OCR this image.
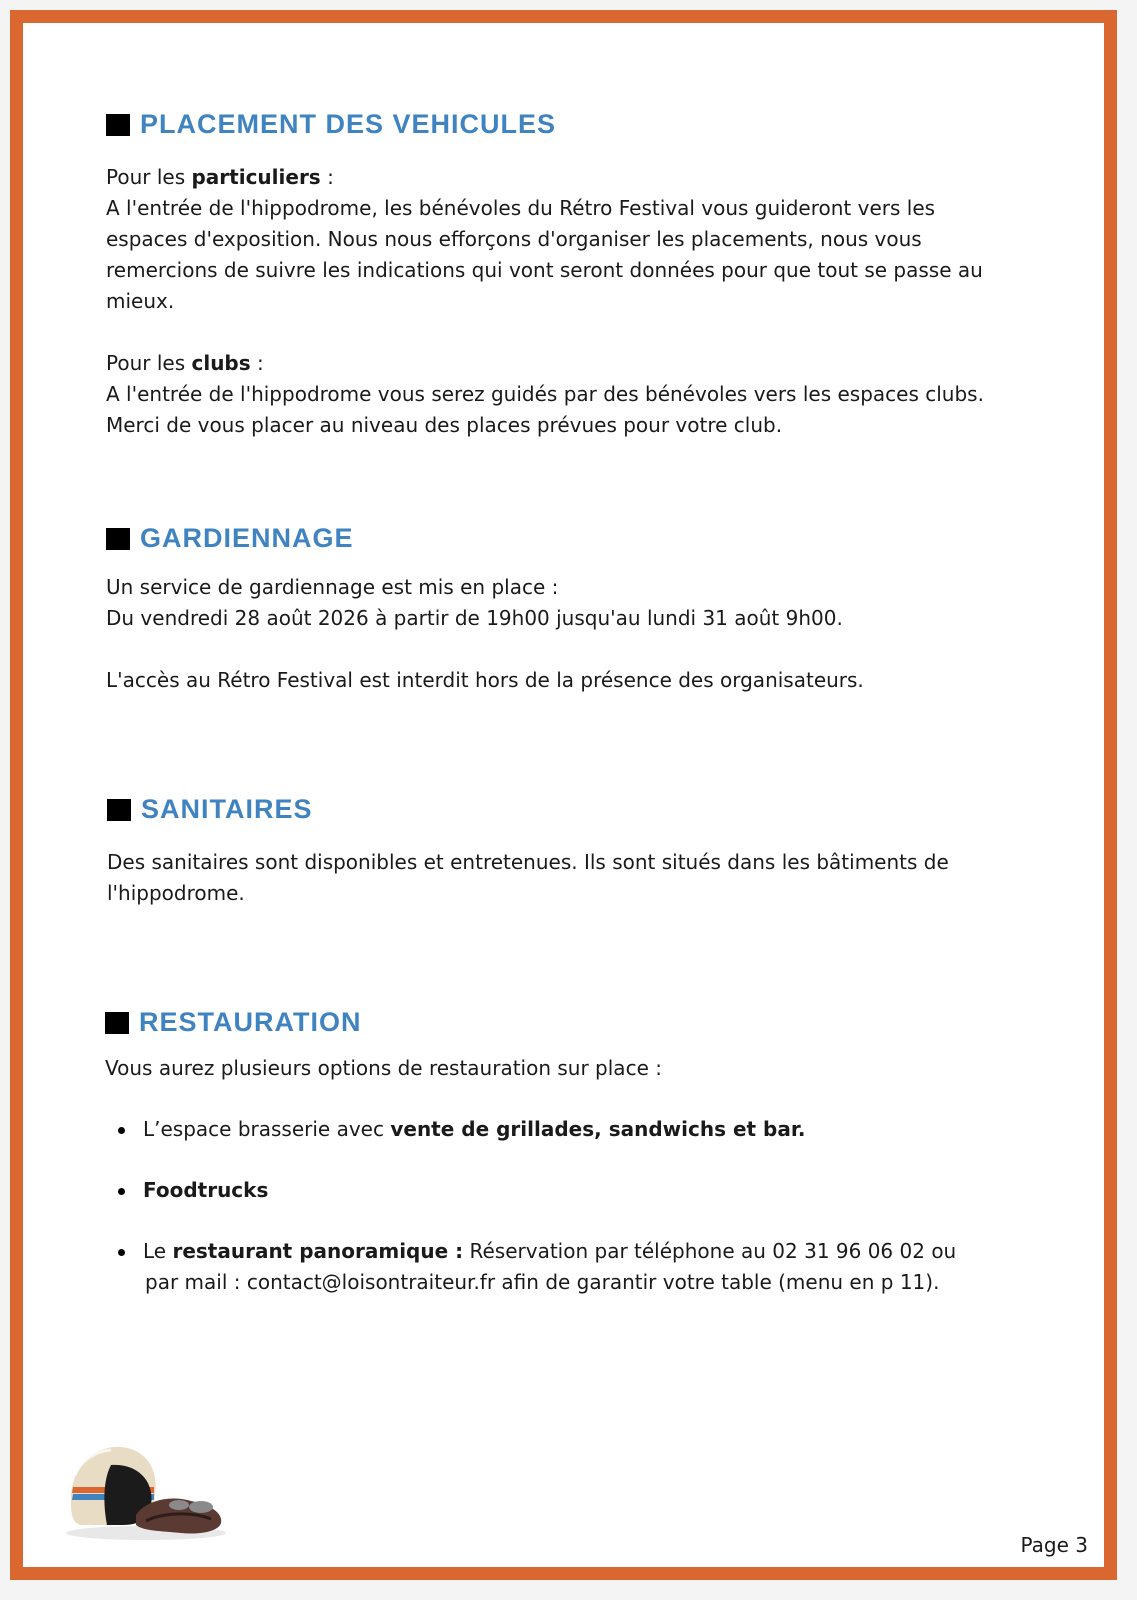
PLACEMENT DES VEHICULES

Pour les particuliers :

A l'entrée de l'hippodrome, les bénévoles du Rétro Festival vous guideront vers les

espaces d'exposition. Nous nous efforçons d'organiser les placements, nous vous

remercions de suivre les indications qui vont seront données pour que tout se passe au

mieux.

Pour les clubs :

A l'entrée de l'hippodrome vous serez guidés par des bénévoles vers les espaces clubs.

Merci de vous placer au niveau des places prévues pour votre club.

GARDIENNAGE

Un service de gardiennage est mis en place :

Du vendredi 28 août 2026 à partir de 19h00 jusqu'au lundi 31 août 9h00.

L'accès au Rétro Festival est interdit hors de la présence des organisateurs.

SANITAIRES

Des sanitaires sont disponibles et entretenues. Ils sont situés dans les bâtiments de

l'hippodrome.

RESTAURATION

Vous aurez plusieurs options de restauration sur place :

L’espace brasserie avec vente de grillades, sandwichs et bar.
Foodtrucks
Le restaurant panoramique : Réservation par téléphone au 02 31 96 06 02 ou
par mail : contact@loisontraiteur.fr afin de garantir votre table (menu en p 11).
Page 3
